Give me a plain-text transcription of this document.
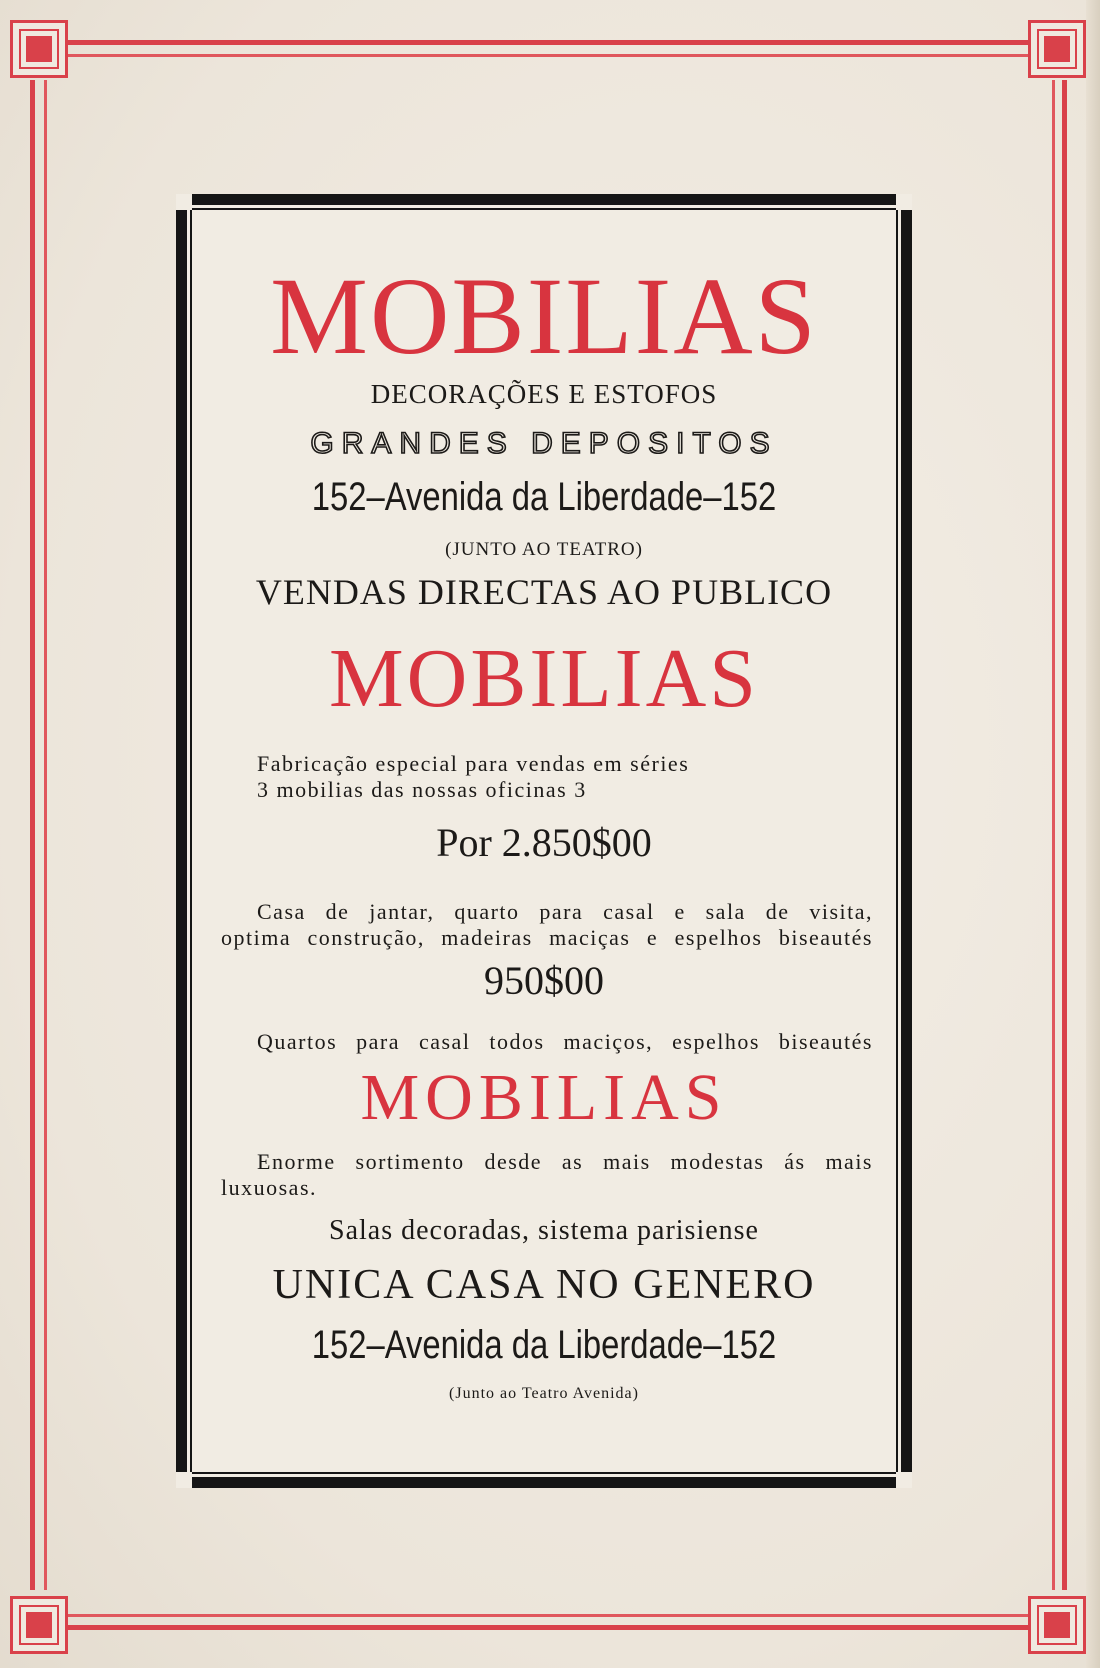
MOBILIAS
DECORAÇÕES E ESTOFOS
GRANDES DEPOSITOS
152–Avenida da Liberdade–152
(JUNTO AO TEATRO)
VENDAS DIRECTAS AO PUBLICO
MOBILIAS
Fabricação especial para vendas em séries
3 mobilias das nossas oficinas 3
Por 2.850$00
Casa de jantar, quarto para casal e sala de visita,
optima construção, madeiras maciças e espelhos biseautés
950$00
Quartos para casal todos maciços, espelhos biseautés
MOBILIAS
Enorme sortimento desde as mais modestas ás mais
luxuosas.
Salas decoradas, sistema parisiense
UNICA CASA NO GENERO
152–Avenida da Liberdade–152
(Junto ao Teatro Avenida)
